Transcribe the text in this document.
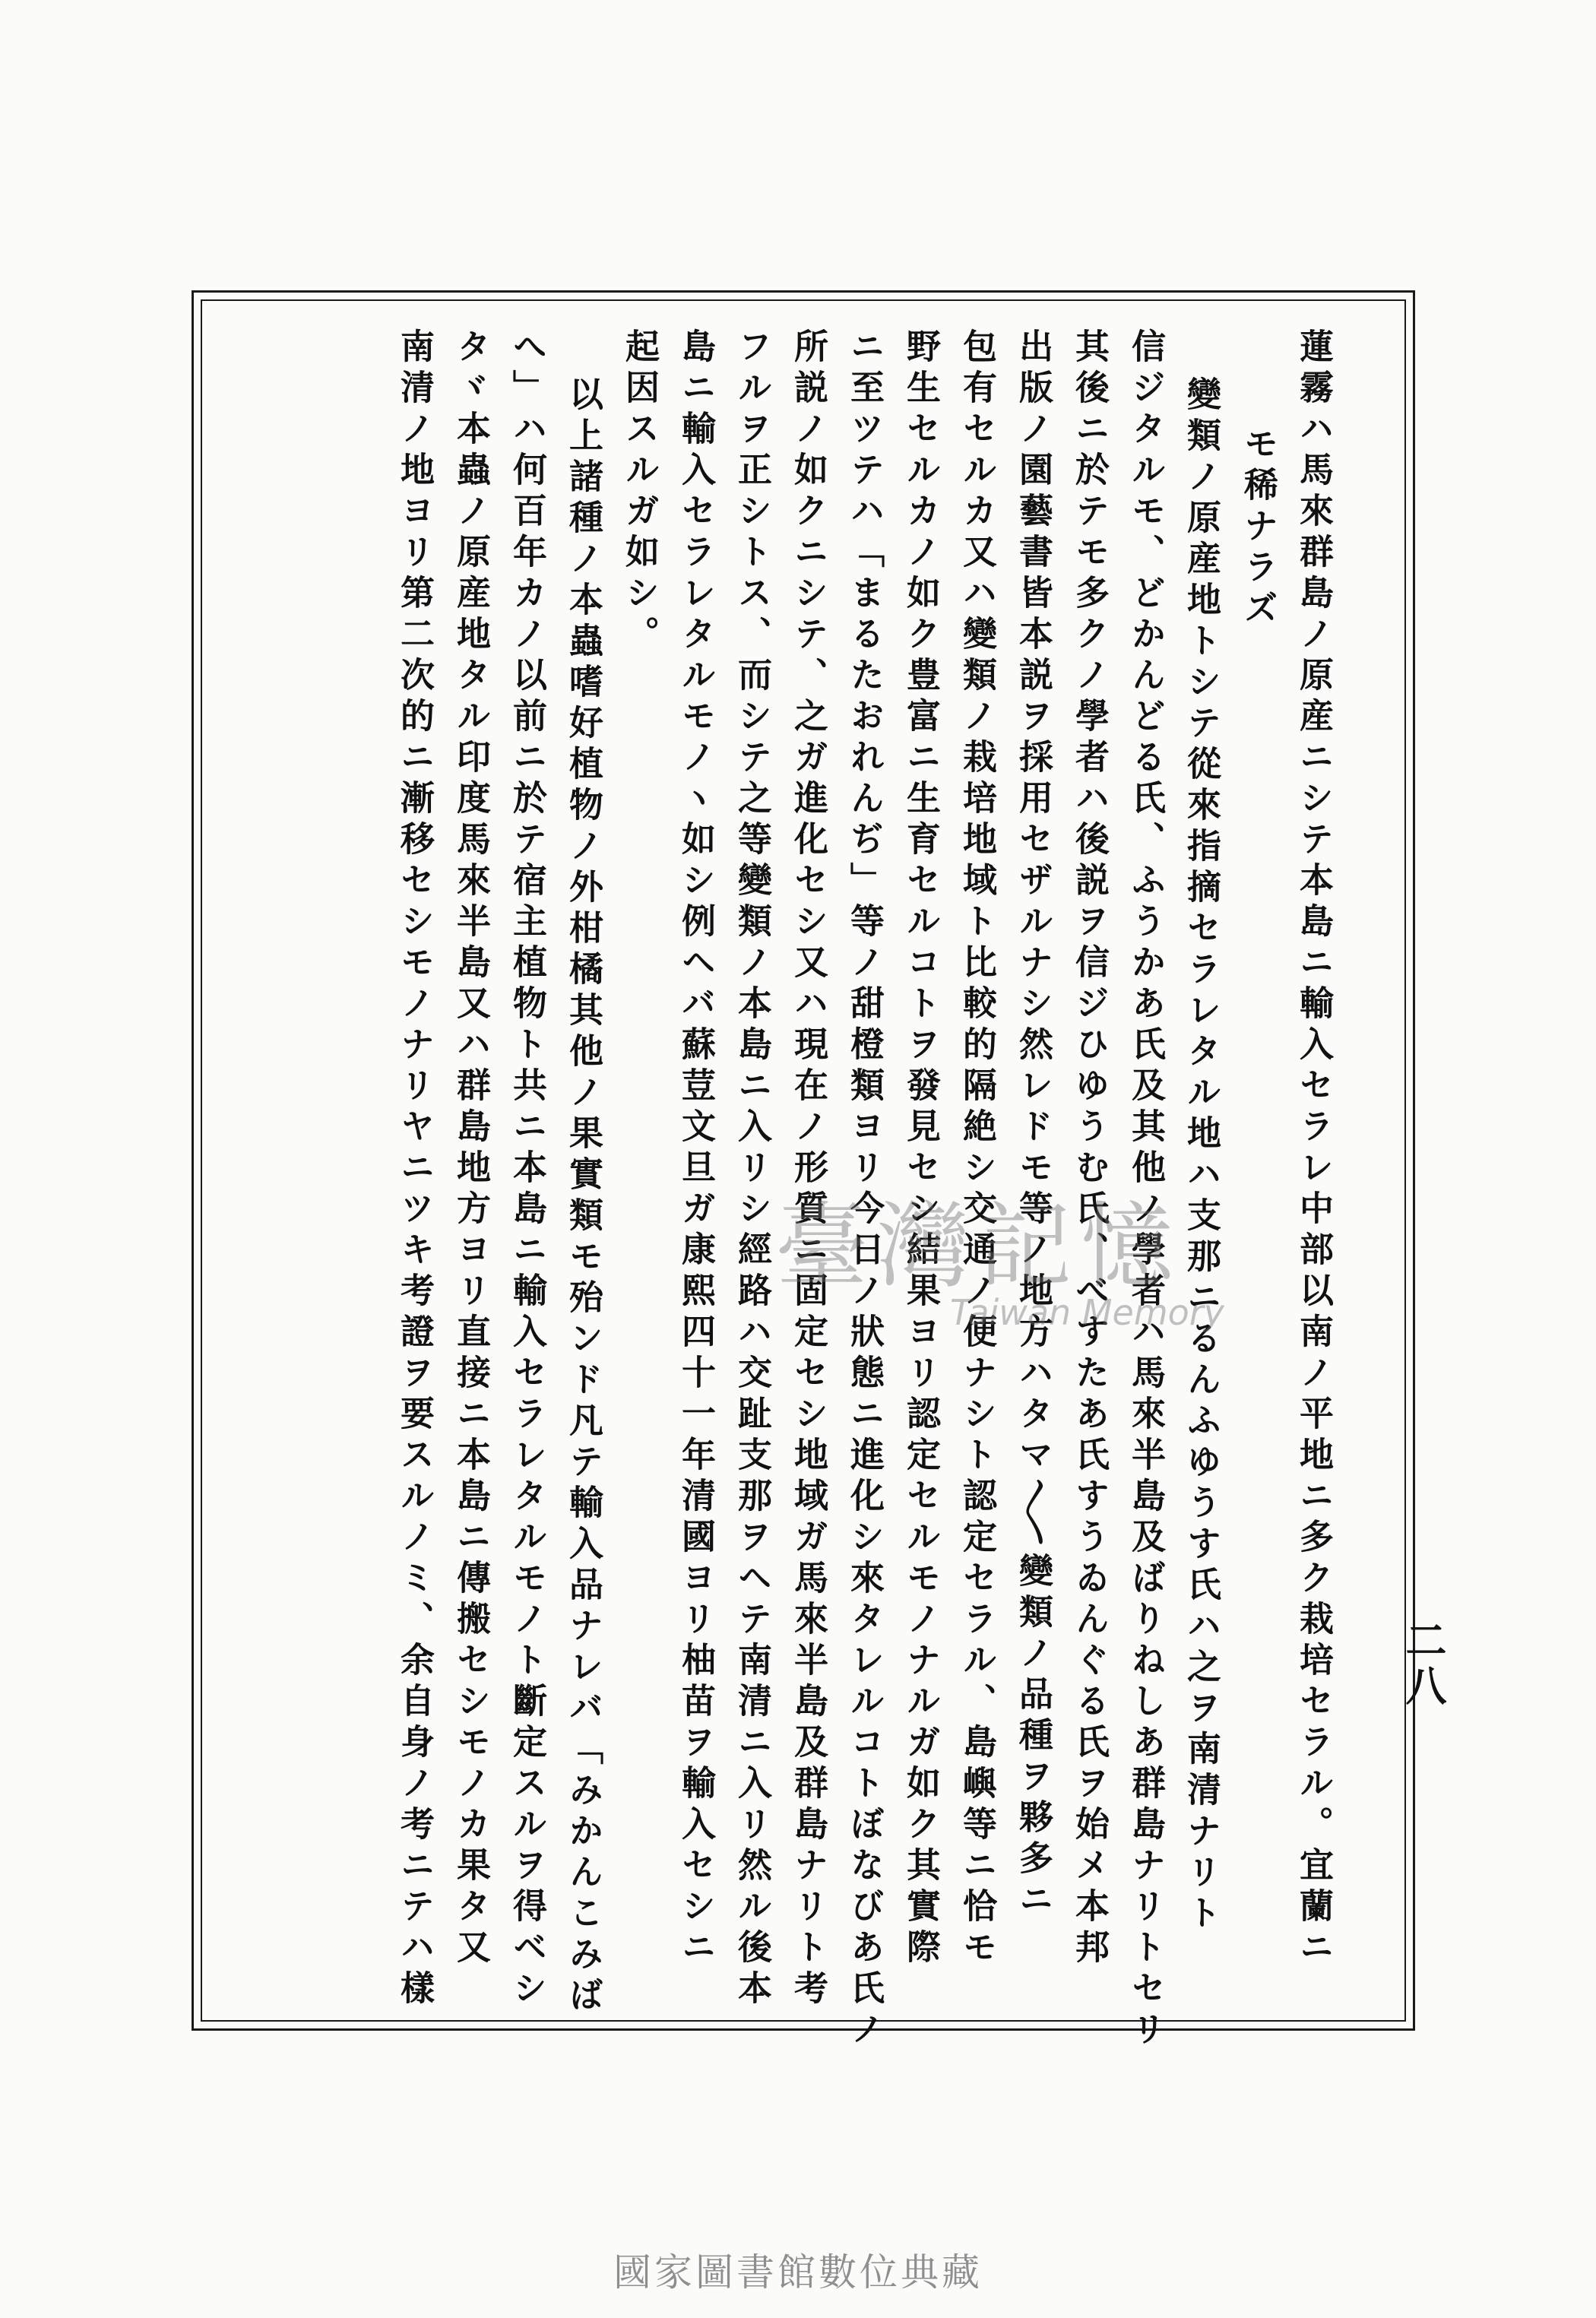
蓮霧ハ馬來群島ノ原産ニシテ本島ニ輸入セラレ中部以南ノ平地ニ多ク栽培セラル。宜蘭ニ
モ稀ナラズ
變類ノ原産地トシテ從來指摘セラレタル地ハ支那ニるんふゆうす氏ハ之ヲ南清ナリト
信ジタルモ、どかんどる氏、ふうかあ氏及其他ノ學者ハ馬來半島及ばりねしあ群島ナリトセリ
其後ニ於テモ多クノ學者ハ後説ヲ信ジひゆうむ氏、べすたあ氏すうゐんぐる氏ヲ始メ本邦
出版ノ園藝書皆本説ヲ採用セザルナシ然レドモ等ノ地方ハタマ〳〵變類ノ品種ヲ夥多ニ
包有セルカ又ハ變類ノ栽培地域ト比較的隔絶シ交通ノ便ナシト認定セラル、島嶼等ニ恰モ
野生セルカノ如ク豊富ニ生育セルコトヲ發見セシ結果ヨリ認定セルモノナルガ如ク其實際
ニ至ツテハ「まるたおれんぢ」等ノ甜橙類ヨリ今日ノ狀態ニ進化シ來タレルコトぼなびあ氏ノ
所説ノ如クニシテ、之ガ進化セシ又ハ現在ノ形質ニ固定セシ地域ガ馬來半島及群島ナリト考
フルヲ正シトス、而シテ之等變類ノ本島ニ入リシ經路ハ交趾支那ヲヘテ南清ニ入リ然ル後本
島ニ輸入セラレタルモノヽ如シ例ヘバ蘇荳文旦ガ康熙四十一年清國ヨリ柚苗ヲ輸入セシニ
起因スルガ如シ。
以上諸種ノ本蟲嗜好植物ノ外柑橘其他ノ果實類モ殆ンド凡テ輸入品ナレバ「みかんこみば
へ」ハ何百年カノ以前ニ於テ宿主植物ト共ニ本島ニ輸入セラレタルモノト斷定スルヲ得ベシ
タヾ本蟲ノ原産地タル印度馬來半島又ハ群島地方ヨリ直接ニ本島ニ傳搬セシモノカ果タ又
南清ノ地ヨリ第二次的ニ漸移セシモノナリヤニツキ考證ヲ要スルノミ、余自身ノ考ニテハ樣	二八
臺灣記憶
Taiwan Memory
國家圖書館數位典藏
